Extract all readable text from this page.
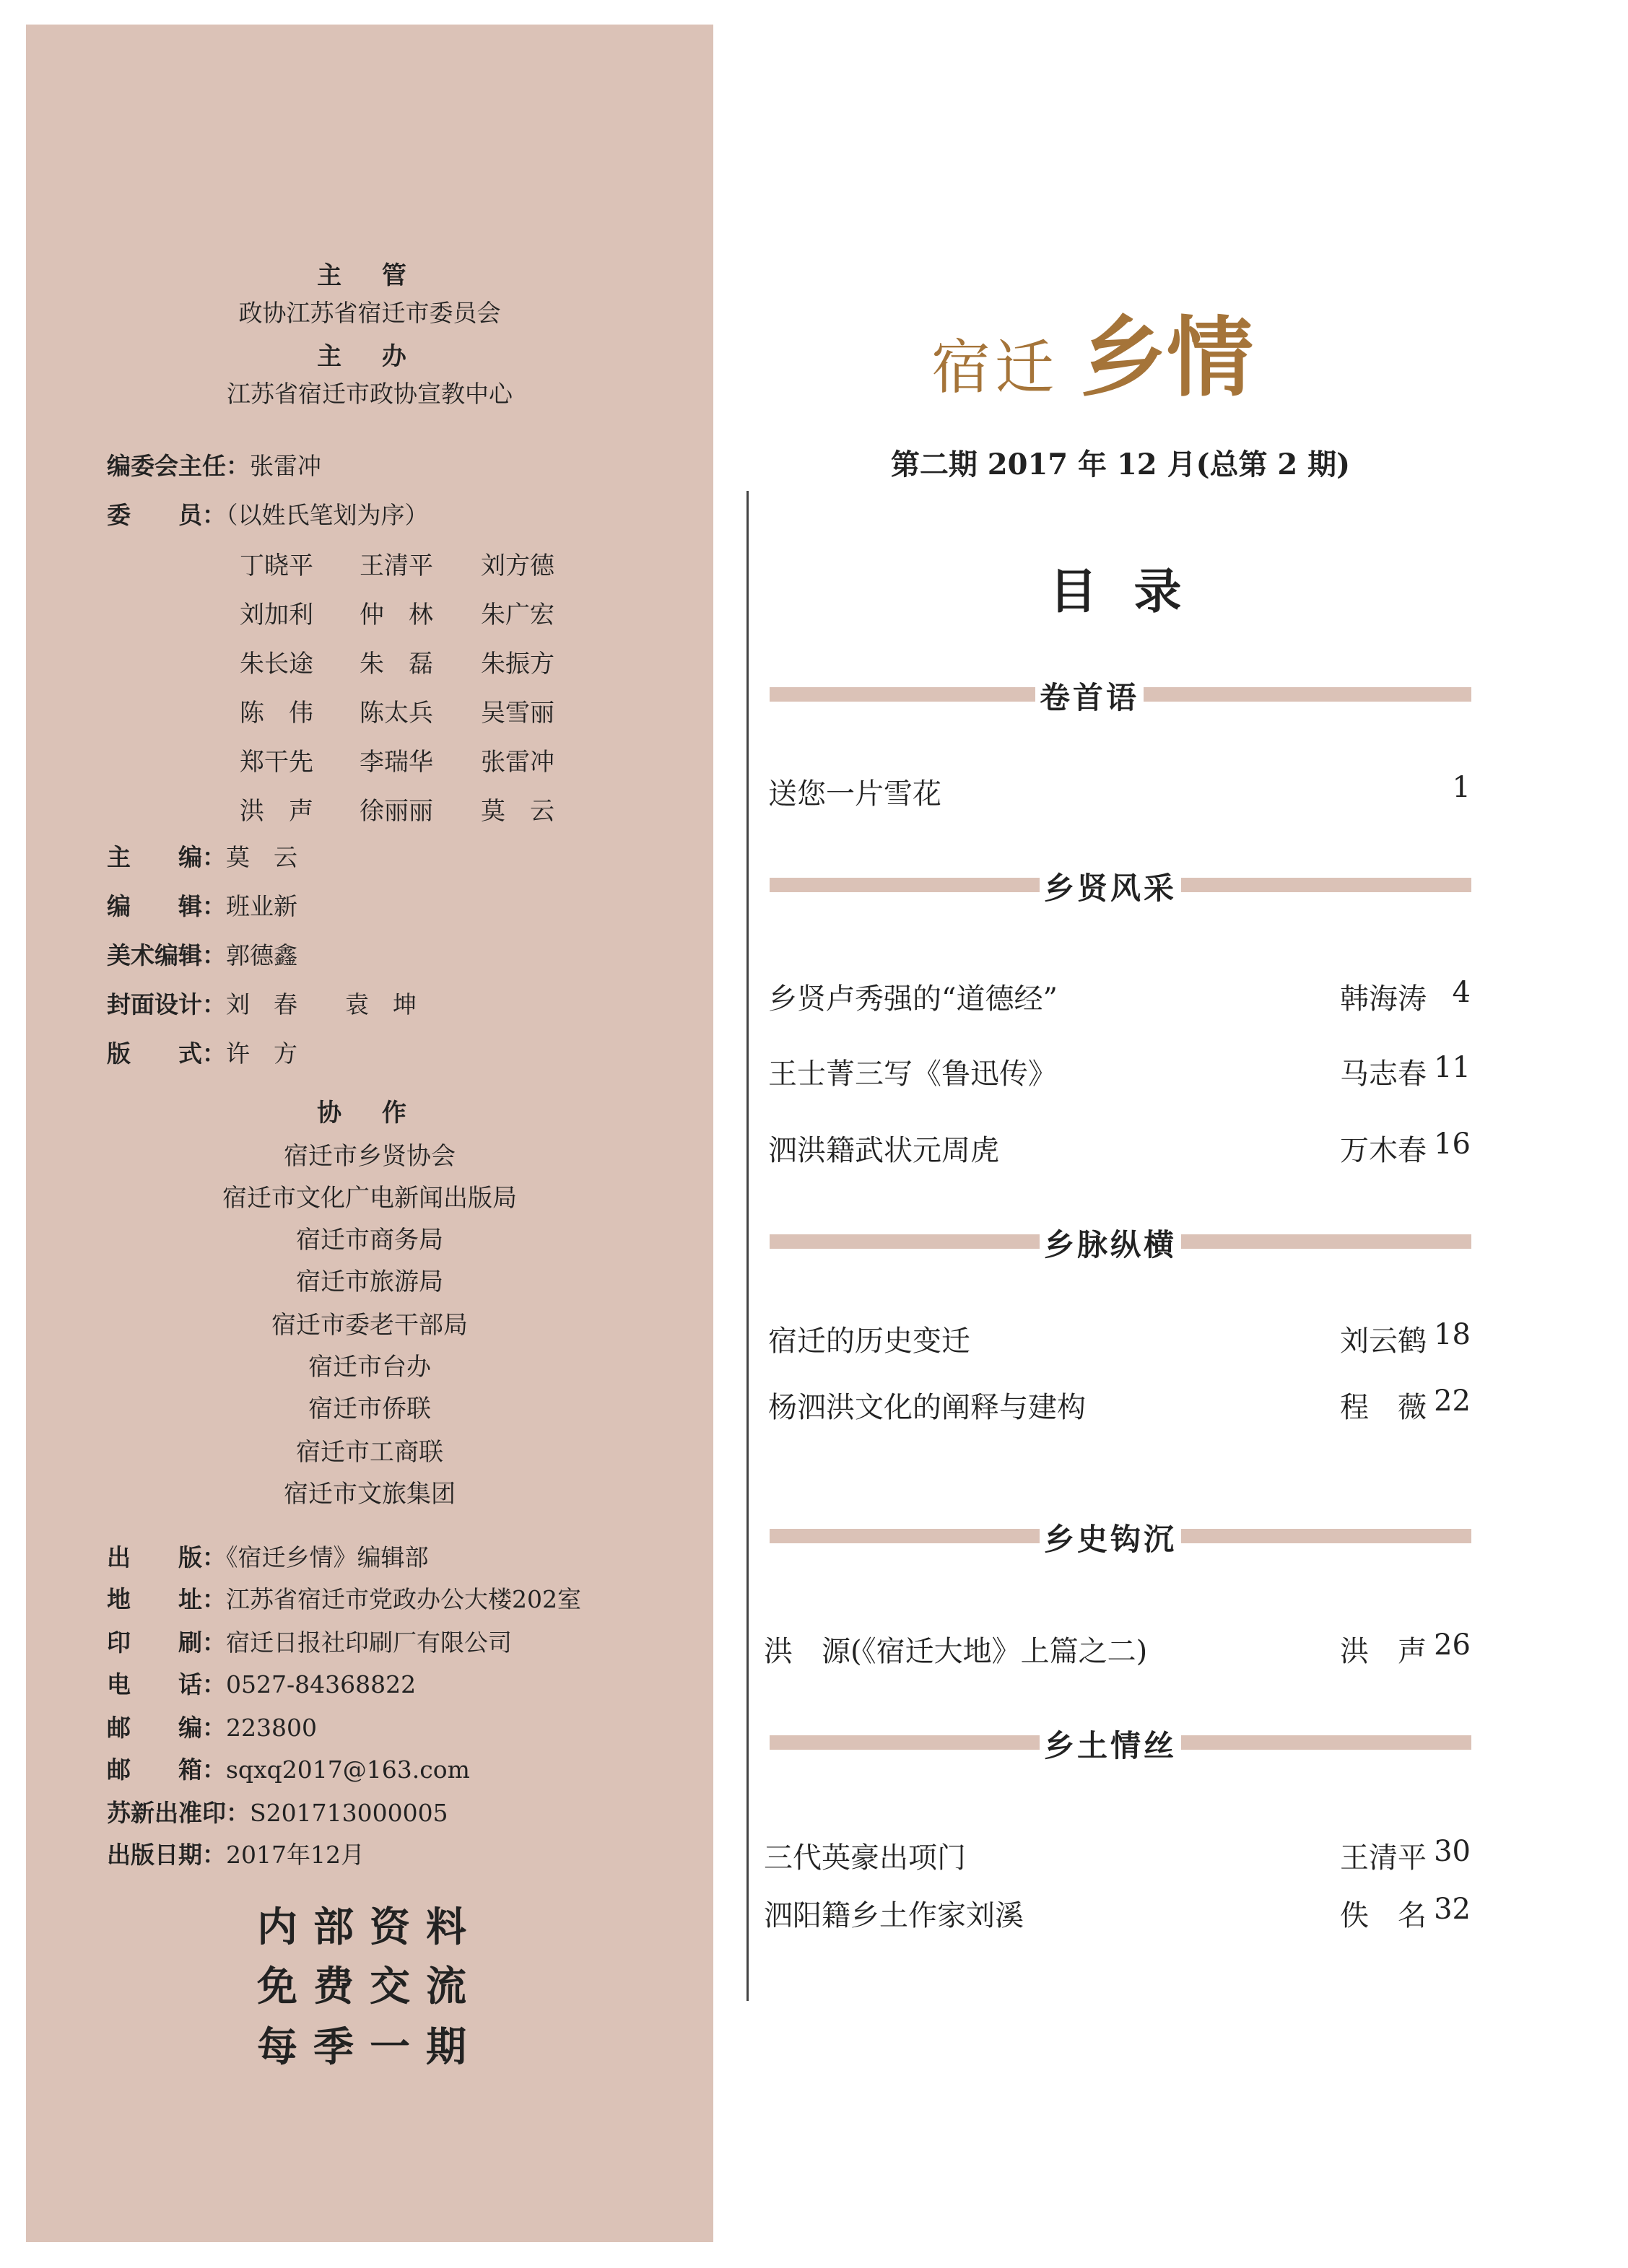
主 管
政协江苏省宿迁市委员会
主 办
江苏省宿迁市政协宣教中心
编委会主任：张雷冲
委　　员：（以姓氏笔划为序）
丁晓平 王清平 刘方德
刘加利 仲　林 朱广宏
朱长途 朱　磊 朱振方
陈　伟 陈太兵 吴雪丽
郑干先 李瑞华 张雷冲
洪　声 徐丽丽 莫　云
主　　编：莫　云
编　　辑：班业新
美术编辑：郭德鑫
封面设计：刘　春　　袁　坤
版　　式：许　方
协 作
宿迁市乡贤协会
宿迁市文化广电新闻出版局
宿迁市商务局
宿迁市旅游局
宿迁市委老干部局
宿迁市台办
宿迁市侨联
宿迁市工商联
宿迁市文旅集团
出　　版：《宿迁乡情》编辑部
地　　址：江苏省宿迁市党政办公大楼202室
印　　刷：宿迁日报社印刷厂有限公司
电　　话：0527-84368822
邮　　编：223800
邮　　箱：sqxq2017@163.com
苏新出准印：S201713000005
出版日期：2017年12月
内部资料
免费交流
每季一期
宿迁 乡情
第二期 2017 年 12 月(总第 2 期)
目 录
卷首语
送您一片雪花	1
乡贤风采
乡贤卢秀强的“道德经”	韩海涛 4
王士菁三写《鲁迅传》	马志春 11
泗洪籍武状元周虎	万木春 16
乡脉纵横
宿迁的历史变迁	刘云鹤 18
杨泗洪文化的阐释与建构	程　薇 22
乡史钩沉
洪　源(《宿迁大地》上篇之二)	洪　声 26
乡土情丝
三代英豪出项门	王清平 30
泗阳籍乡土作家刘溪	佚　名 32
